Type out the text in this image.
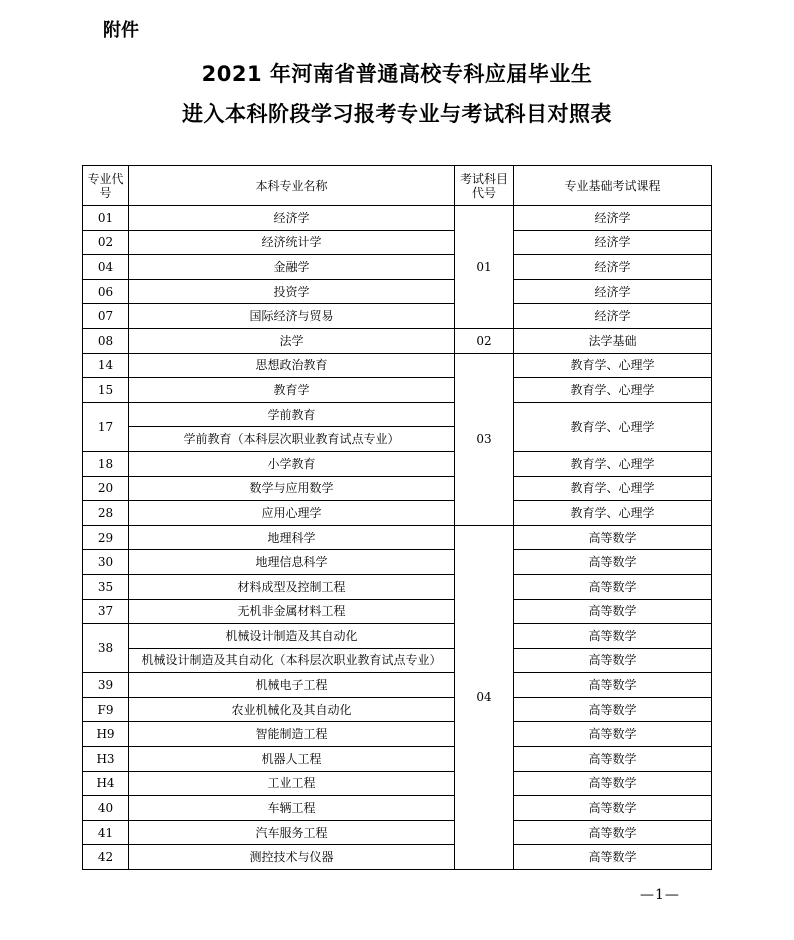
附件
2021 年河南省普通高校专科应届毕业生
进入本科阶段学习报考专业与考试科目对照表
专业代号	本科专业名称	考试科目代号	专业基础考试课程
01	经济学	01	经济学
02	经济统计学		经济学
04	金融学		经济学
06	投资学		经济学
07	国际经济与贸易		经济学
08	法学	02	法学基础
14	思想政治教育	03	教育学、心理学
15	教育学		教育学、心理学
17	学前教育		教育学、心理学
	学前教育（本科层次职业教育试点专业）		
18	小学教育		教育学、心理学
20	数学与应用数学		教育学、心理学
28	应用心理学		教育学、心理学
29	地理科学	04	高等数学
30	地理信息科学		高等数学
35	材料成型及控制工程		高等数学
37	无机非金属材料工程		高等数学
38	机械设计制造及其自动化		高等数学
	机械设计制造及其自动化（本科层次职业教育试点专业）		高等数学
39	机械电子工程		高等数学
F9	农业机械化及其自动化		高等数学
H9	智能制造工程		高等数学
H3	机器人工程		高等数学
H4	工业工程		高等数学
40	车辆工程		高等数学
41	汽车服务工程		高等数学
42	测控技术与仪器		高等数学
—1—
